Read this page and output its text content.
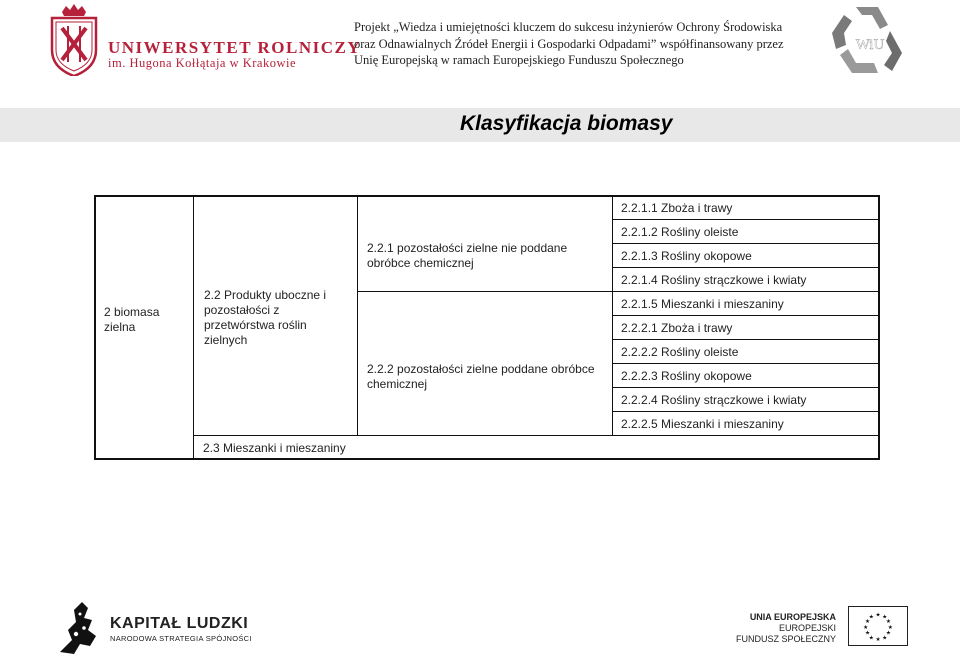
UNIWERSYTET ROLNICZY
im. Hugona Kołłątaja w Krakowie
Projekt „Wiedza i umiejętności kluczem do sukcesu inżynierów Ochrony Środowiska
oraz Odnawialnych Źródeł Energii i Gospodarki Odpadami” współfinansowany przez
Unię Europejską w ramach Europejskiego Funduszu Społecznego
WiU
Klasyfikacja biomasy
2 biomasa zielna
2.2 Produkty uboczne i pozostałości z przetwórstwa roślin zielnych
2.2.1 pozostałości zielne nie poddane obróbce chemicznej
2.2.2 pozostałości zielne poddane obróbce chemicznej
2.2.1.1 Zboża i trawy
2.2.1.2 Rośliny oleiste
2.2.1.3 Rośliny okopowe
2.2.1.4 Rośliny strączkowe i kwiaty
2.2.1.5 Mieszanki i mieszaniny
2.2.2.1 Zboża i trawy
2.2.2.2 Rośliny oleiste
2.2.2.3 Rośliny okopowe
2.2.2.4 Rośliny strączkowe i kwiaty
2.2.2.5 Mieszanki i mieszaniny
2.3 Mieszanki i mieszaniny
KAPITAŁ LUDZKI
NARODOWA STRATEGIA SPÓJNOŚCI
UNIA EUROPEJSKA
EUROPEJSKI
FUNDUSZ SPOŁECZNY
★ ★
★
★
★
★
★
★
★
★
★
★
